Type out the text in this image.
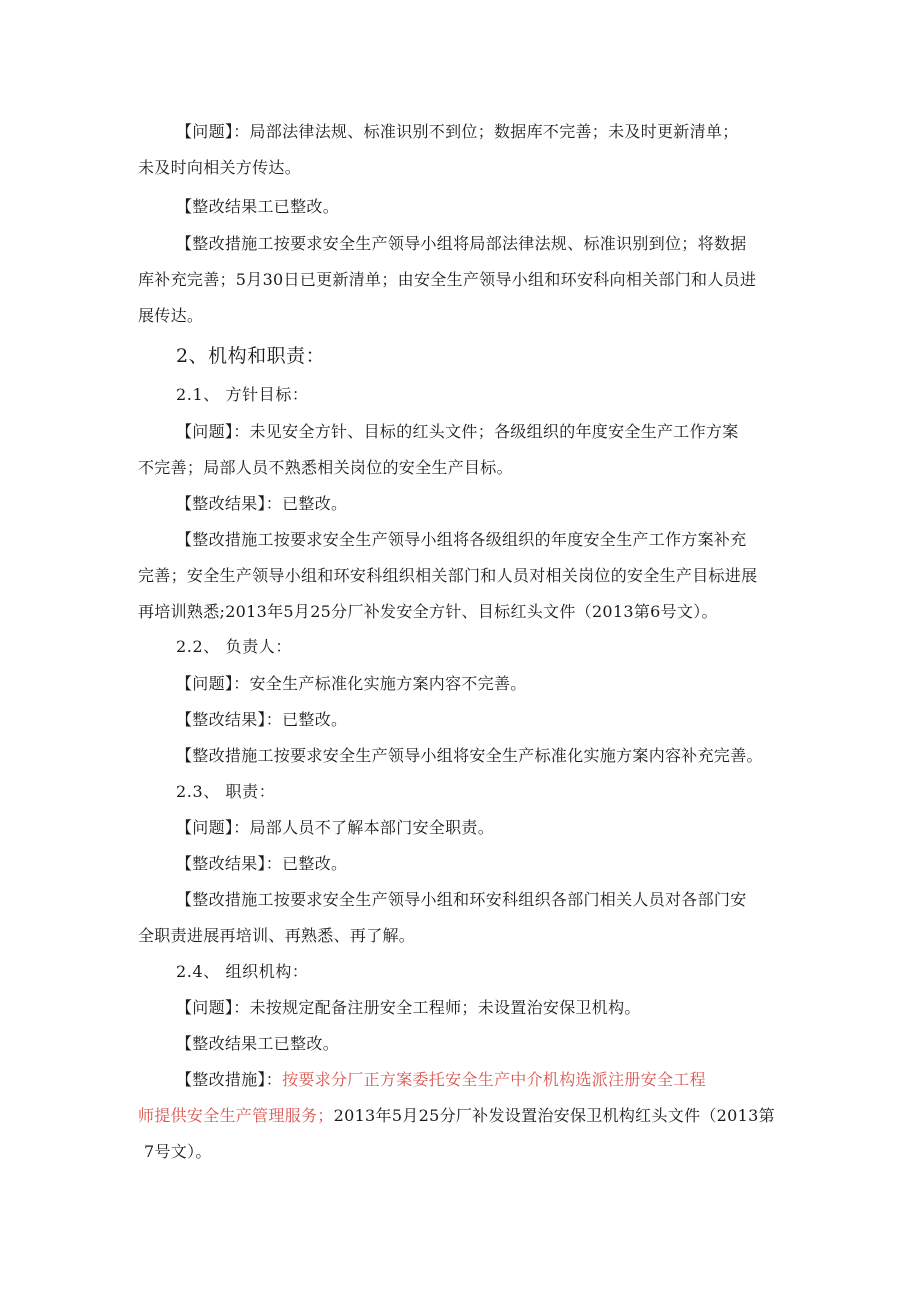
【问题】：局部法律法规、标准识别不到位；数据库不完善；未及时更新清单；
未及时向相关方传达。
【整改结果工已整改。
【整改措施工按要求安全生产领导小组将局部法律法规、标准识别到位；将数据
库补充完善；5月30日已更新清单；由安全生产领导小组和环安科向相关部门和人员进
展传达。
2、机构和职责：
2.1、 方针目标：
【问题】：未见安全方针、目标的红头文件；各级组织的年度安全生产工作方案
不完善；局部人员不熟悉相关岗位的安全生产目标。
【整改结果】：已整改。
【整改措施工按要求安全生产领导小组将各级组织的年度安全生产工作方案补充
完善；安全生产领导小组和环安科组织相关部门和人员对相关岗位的安全生产目标进展
再培训熟悉;2013年5月25分厂补发安全方针、目标红头文件（2013第6号文）。
2.2、 负责人：
【问题】：安全生产标准化实施方案内容不完善。
【整改结果】：已整改。
【整改措施工按要求安全生产领导小组将安全生产标准化实施方案内容补充完善。
2.3、 职责：
【问题】：局部人员不了解本部门安全职责。
【整改结果】：已整改。
【整改措施工按要求安全生产领导小组和环安科组织各部门相关人员对各部门安
全职责进展再培训、再熟悉、再了解。
2.4、 组织机构：
【问题】：未按规定配备注册安全工程师；未设置治安保卫机构。
【整改结果工已整改。
【整改措施】：按要求分厂正方案委托安全生产中介机构选派注册安全工程
师提供安全生产管理服务；2013年5月25分厂补发设置治安保卫机构红头文件（2013第
7号文）。
